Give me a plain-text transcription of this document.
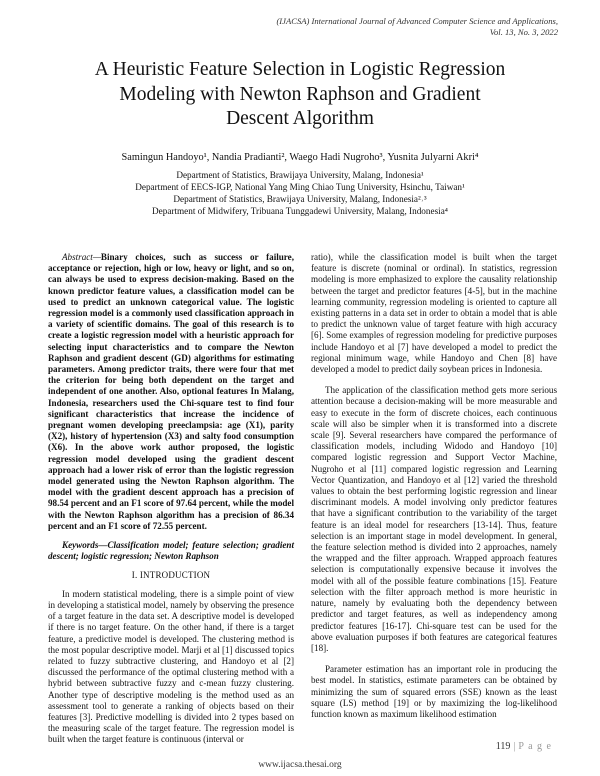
(IJACSA) International Journal of Advanced Computer Science and Applications,
Vol. 13, No. 3, 2022
A Heuristic Feature Selection in Logistic Regression
Modeling with Newton Raphson and Gradient
Descent Algorithm
Samingun Handoyo¹, Nandia Pradianti², Waego Hadi Nugroho³, Yusnita Julyarni Akri⁴
Department of Statistics, Brawijaya University, Malang, Indonesia¹
Department of EECS-IGP, National Yang Ming Chiao Tung University, Hsinchu, Taiwan¹
Department of Statistics, Brawijaya University, Malang, Indonesia²˒³
Department of Midwifery, Tribuana Tunggadewi University, Malang, Indonesia⁴

Abstract—Binary choices, such as success or failure, acceptance or rejection, high or low, heavy or light, and so on, can always be used to express decision-making. Based on the known predictor feature values, a classification model can be used to predict an unknown categorical value. The logistic regression model is a commonly used classification approach in a variety of scientific domains. The goal of this research is to create a logistic regression model with a heuristic approach for selecting input characteristics and to compare the Newton Raphson and gradient descent (GD) algorithms for estimating parameters. Among predictor traits, there were four that met the criterion for being both dependent on the target and independent of one another. Also, optional features In Malang, Indonesia, researchers used the Chi-square test to find four significant characteristics that increase the incidence of pregnant women developing preeclampsia: age (X1), parity (X2), history of hypertension (X3) and salty food consumption (X6). In the above work author proposed, the logistic regression model developed using the gradient descent approach had a lower risk of error than the logistic regression model generated using the Newton Raphson algorithm. The model with the gradient descent approach has a precision of 98.54 percent and an F1 score of 97.64 percent, while the model with the Newton Raphson algorithm has a precision of 86.34 percent and an F1 score of 72.55 percent.

Keywords—Classification model; feature selection; gradient descent; logistic regression; Newton Raphson

I. INTRODUCTION

In modern statistical modeling, there is a simple point of view in developing a statistical model, namely by observing the presence of a target feature in the data set. A descriptive model is developed if there is no target feature. On the other hand, if there is a target feature, a predictive model is developed. The clustering method is the most popular descriptive model. Marji et al [1] discussed topics related to fuzzy subtractive clustering, and Handoyo et al [2] discussed the performance of the optimal clustering method with a hybrid between subtractive fuzzy and c-mean fuzzy clustering. Another type of descriptive modeling is the method used as an assessment tool to generate a ranking of objects based on their features [3]. Predictive modelling is divided into 2 types based on the measuring scale of the target feature. The regression model is built when the target feature is continuous (interval or

ratio), while the classification model is built when the target feature is discrete (nominal or ordinal). In statistics, regression modeling is more emphasized to explore the causality relationship between the target and predictor features [4-5], but in the machine learning community, regression modeling is oriented to capture all existing patterns in a data set in order to obtain a model that is able to predict the unknown value of target feature with high accuracy [6]. Some examples of regression modeling for predictive purposes include Handoyo et al [7] have developed a model to predict the regional minimum wage, while Handoyo and Chen [8] have developed a model to predict daily soybean prices in Indonesia.

The application of the classification method gets more serious attention because a decision-making will be more measurable and easy to execute in the form of discrete choices, each continuous scale will also be simpler when it is transformed into a discrete scale [9]. Several researchers have compared the performance of classification models, including Widodo and Handoyo [10] compared logistic regression and Support Vector Machine, Nugroho et al [11] compared logistic regression and Learning Vector Quantization, and Handoyo et al [12] varied the threshold values to obtain the best performing logistic regression and linear discriminant models. A model involving only predictor features that have a significant contribution to the variability of the target feature is an ideal model for researchers [13-14]. Thus, feature selection is an important stage in model development. In general, the feature selection method is divided into 2 approaches, namely the wrapped and the filter approach. Wrapped approach features selection is computationally expensive because it involves the model with all of the possible feature combinations [15]. Feature selection with the filter approach method is more heuristic in nature, namely by evaluating both the dependency between predictor and target features, as well as independency among predictor features [16-17]. Chi-square test can be used for the above evaluation purposes if both features are categorical features [18].

Parameter estimation has an important role in producing the best model. In statistics, estimate parameters can be obtained by minimizing the sum of squared errors (SSE) known as the least square (LS) method [19] or by maximizing the log-likelihood function known as maximum likelihood estimation

119 | P a g e
www.ijacsa.thesai.org
